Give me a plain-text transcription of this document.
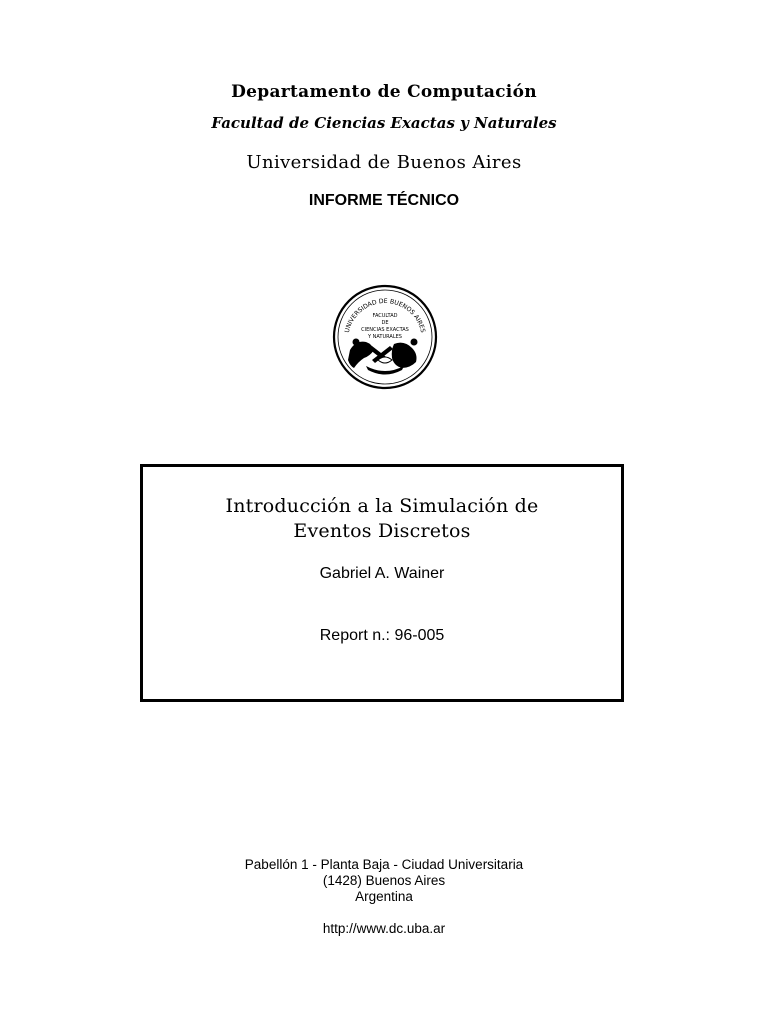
Departamento de Computación
Facultad de Ciencias Exactas y Naturales
Universidad de Buenos Aires
INFORME TÉCNICO
UNIVERSIDAD DE BUENOS AIRES
FACULTAD
DE
CIENCIAS EXACTAS
Y NATURALES
Introducción a la Simulación de
Eventos Discretos
Gabriel A. Wainer
Report n.: 96-005
Pabellón 1 - Planta Baja - Ciudad Universitaria
(1428) Buenos Aires
Argentina
http://www.dc.uba.ar
